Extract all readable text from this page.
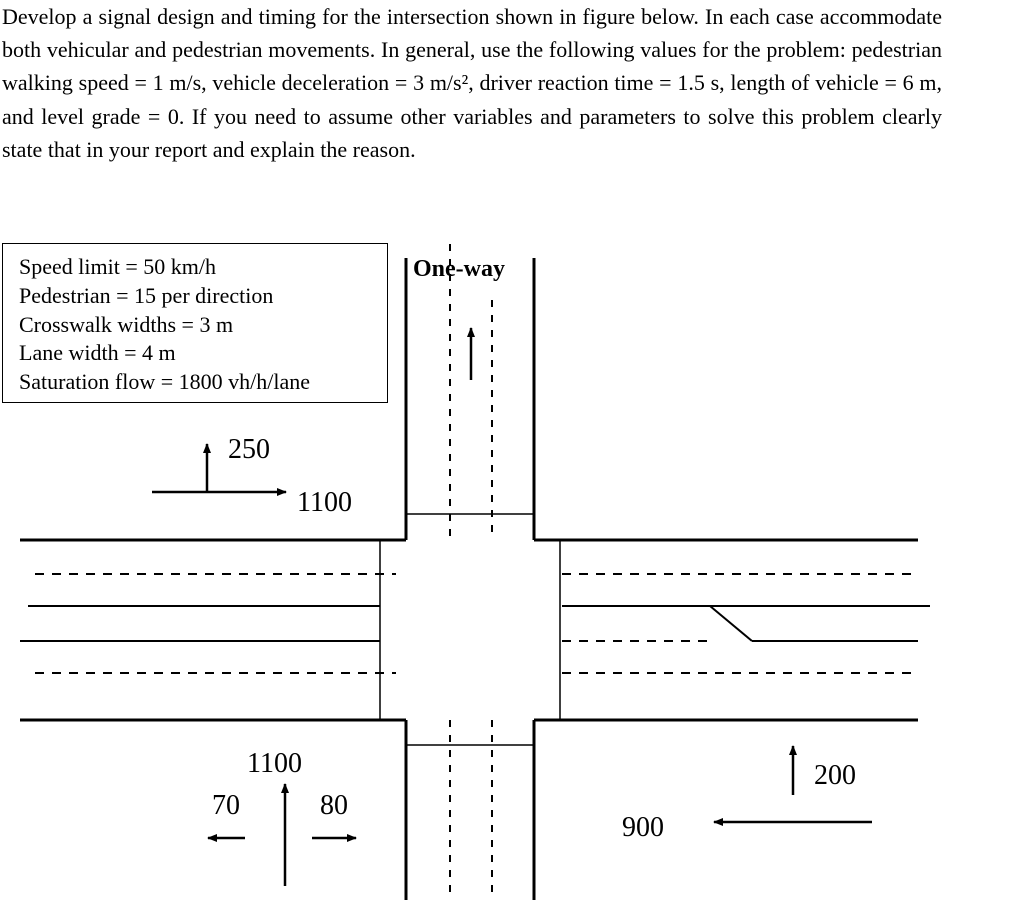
Develop a signal design and timing for the intersection shown in figure below. In each case accommodate both vehicular and pedestrian movements. In general, use the following values for the problem: pedestrian walking speed = 1 m/s, vehicle deceleration = 3 m/s², driver reaction time = 1.5 s, length of vehicle = 6 m, and level grade = 0. If you need to assume other variables and parameters to solve this problem clearly state that in your report and explain the reason.

Speed limit = 50 km/h
Pedestrian = 15 per direction
Crosswalk widths = 3 m
Lane width = 4 m
Saturation flow = 1800 vh/h/lane
One-way
250
1100
1100
70	80
200
900
